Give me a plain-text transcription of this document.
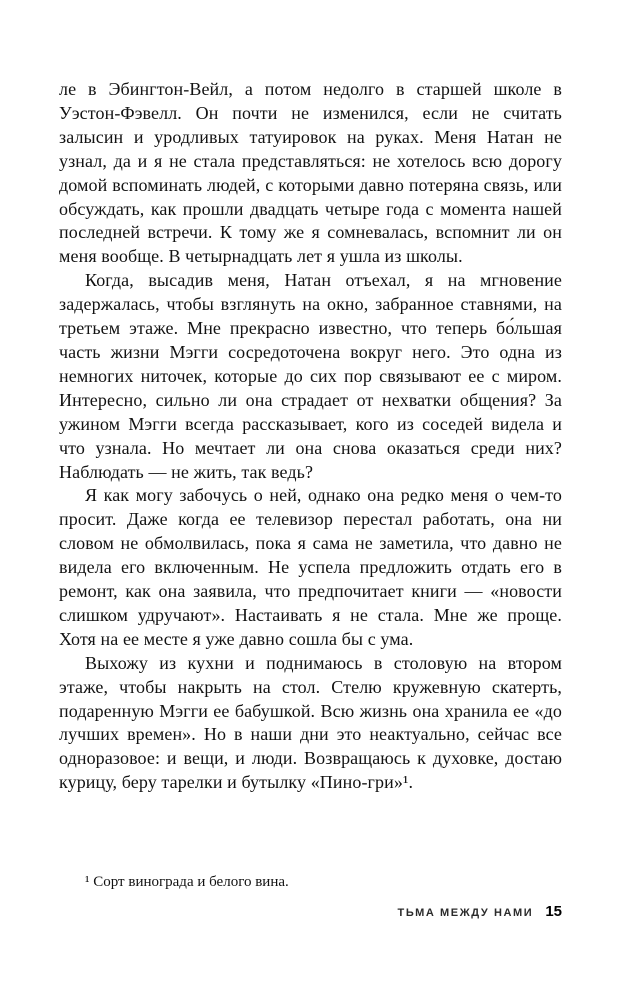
ле в Эбингтон-Вейл, а потом недолго в старшей школе в Уэстон-Фэвелл. Он почти не изменился, если не считать залысин и уродливых татуировок на руках. Меня Натан не узнал, да и я не стала представляться: не хотелось всю дорогу домой вспоминать людей, с которыми давно потеряна связь, или обсуждать, как прошли двадцать четыре года с момента нашей последней встречи. К тому же я сомневалась, вспомнит ли он меня вообще. В четырнадцать лет я ушла из школы.

Когда, высадив меня, Натан отъехал, я на мгновение задержалась, чтобы взглянуть на окно, забранное ставнями, на третьем этаже. Мне прекрасно известно, что теперь бо́льшая часть жизни Мэгги сосредоточена вокруг него. Это одна из немногих ниточек, которые до сих пор связывают ее с миром. Интересно, сильно ли она страдает от нехватки общения? За ужином Мэгги всегда рассказывает, кого из соседей видела и что узнала. Но мечтает ли она снова оказаться среди них? Наблюдать — не жить, так ведь?

Я как могу забочусь о ней, однако она редко меня о чем-то просит. Даже когда ее телевизор перестал работать, она ни словом не обмолвилась, пока я сама не заметила, что давно не видела его включенным. Не успела предложить отдать его в ремонт, как она заявила, что предпочитает книги — «новости слишком удручают». Настаивать я не стала. Мне же проще. Хотя на ее месте я уже давно сошла бы с ума.

Выхожу из кухни и поднимаюсь в столовую на втором этаже, чтобы накрыть на стол. Стелю кружевную скатерть, подаренную Мэгги ее бабушкой. Всю жизнь она хранила ее «до лучших времен». Но в наши дни это неактуально, сейчас все одноразовое: и вещи, и люди. Возвращаюсь к духовке, достаю курицу, беру тарелки и бутылку «Пино-гри»¹.

¹ Сорт винограда и белого вина.

ТЬМА МЕЖДУ НАМИ 15
